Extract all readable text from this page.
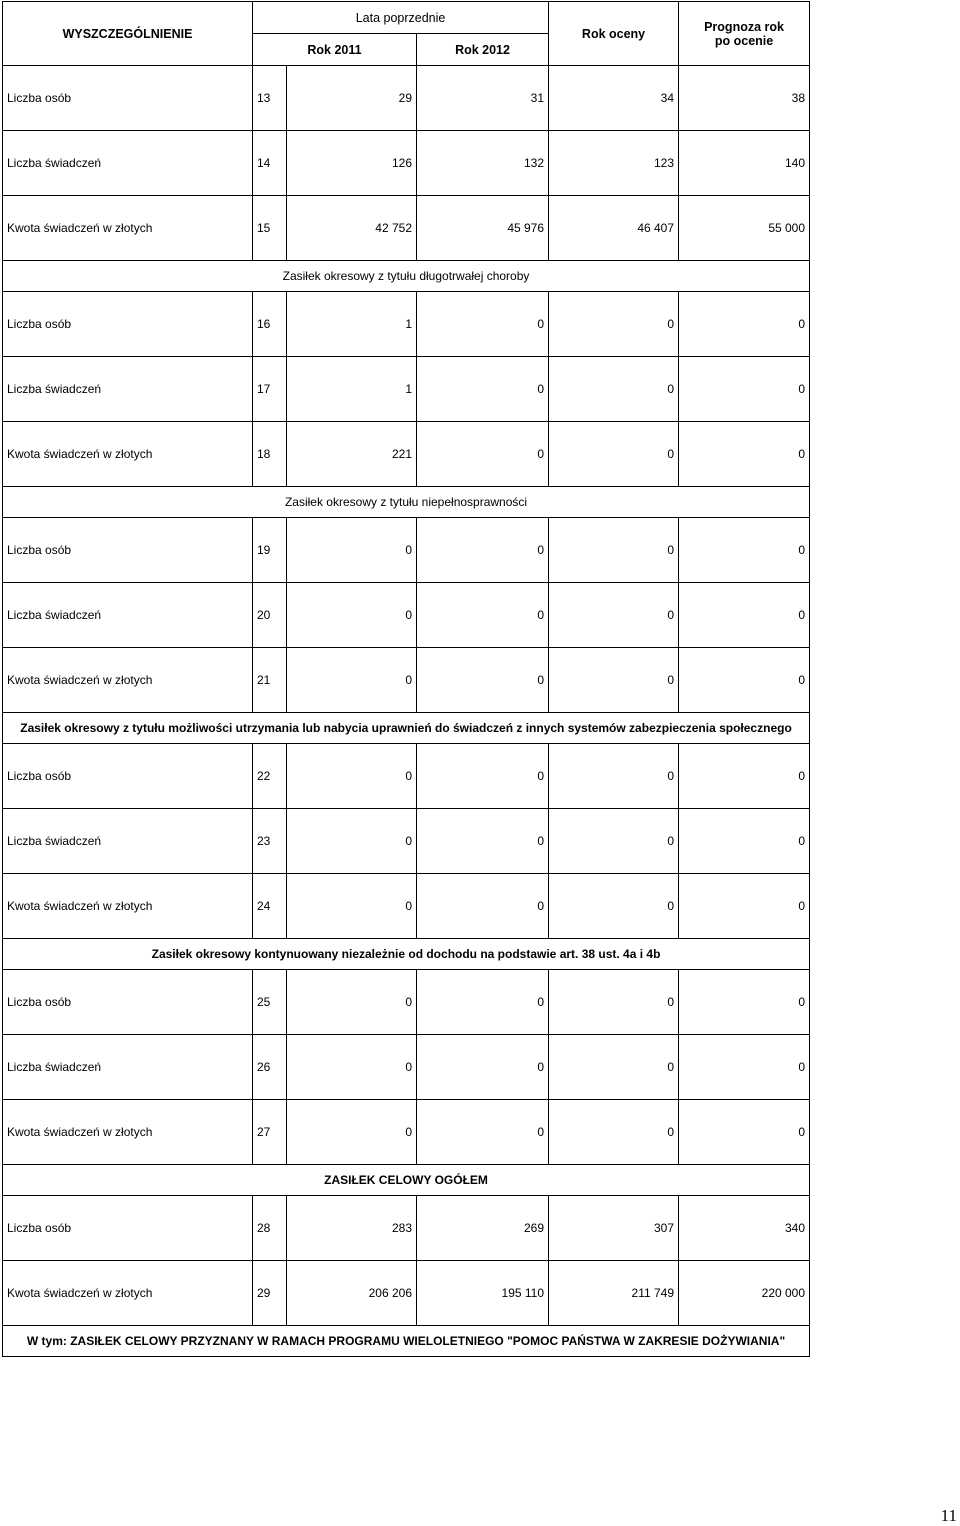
WYSZCZEGÓLNIENIE	Lata poprzednie			Rok oceny	Prognoza rok
po ocenie
	Rok 2011		Rok 2012		
Liczba osób	13	29	31	34	38
Liczba świadczeń	14	126	132	123	140
Kwota świadczeń w złotych	15	42 752	45 976	46 407	55 000
Zasiłek okresowy z tytułu długotrwałej choroby					
Liczba osób	16	1	0	0	0
Liczba świadczeń	17	1	0	0	0
Kwota świadczeń w złotych	18	221	0	0	0
Zasiłek okresowy z tytułu niepełnosprawności					
Liczba osób	19	0	0	0	0
Liczba świadczeń	20	0	0	0	0
Kwota świadczeń w złotych	21	0	0	0	0
Zasiłek okresowy z tytułu możliwości utrzymania lub nabycia uprawnień do świadczeń z innych systemów zabezpieczenia społecznego					
Liczba osób	22	0	0	0	0
Liczba świadczeń	23	0	0	0	0
Kwota świadczeń w złotych	24	0	0	0	0
Zasiłek okresowy kontynuowany niezależnie od dochodu na podstawie art. 38 ust. 4a i 4b					
Liczba osób	25	0	0	0	0
Liczba świadczeń	26	0	0	0	0
Kwota świadczeń w złotych	27	0	0	0	0
ZASIŁEK CELOWY OGÓŁEM					
Liczba osób	28	283	269	307	340
Kwota świadczeń w złotych	29	206 206	195 110	211 749	220 000
W tym: ZASIŁEK CELOWY PRZYZNANY W RAMACH PROGRAMU WIELOLETNIEGO "POMOC PAŃSTWA W ZAKRESIE DOŻYWIANIA"					
11
